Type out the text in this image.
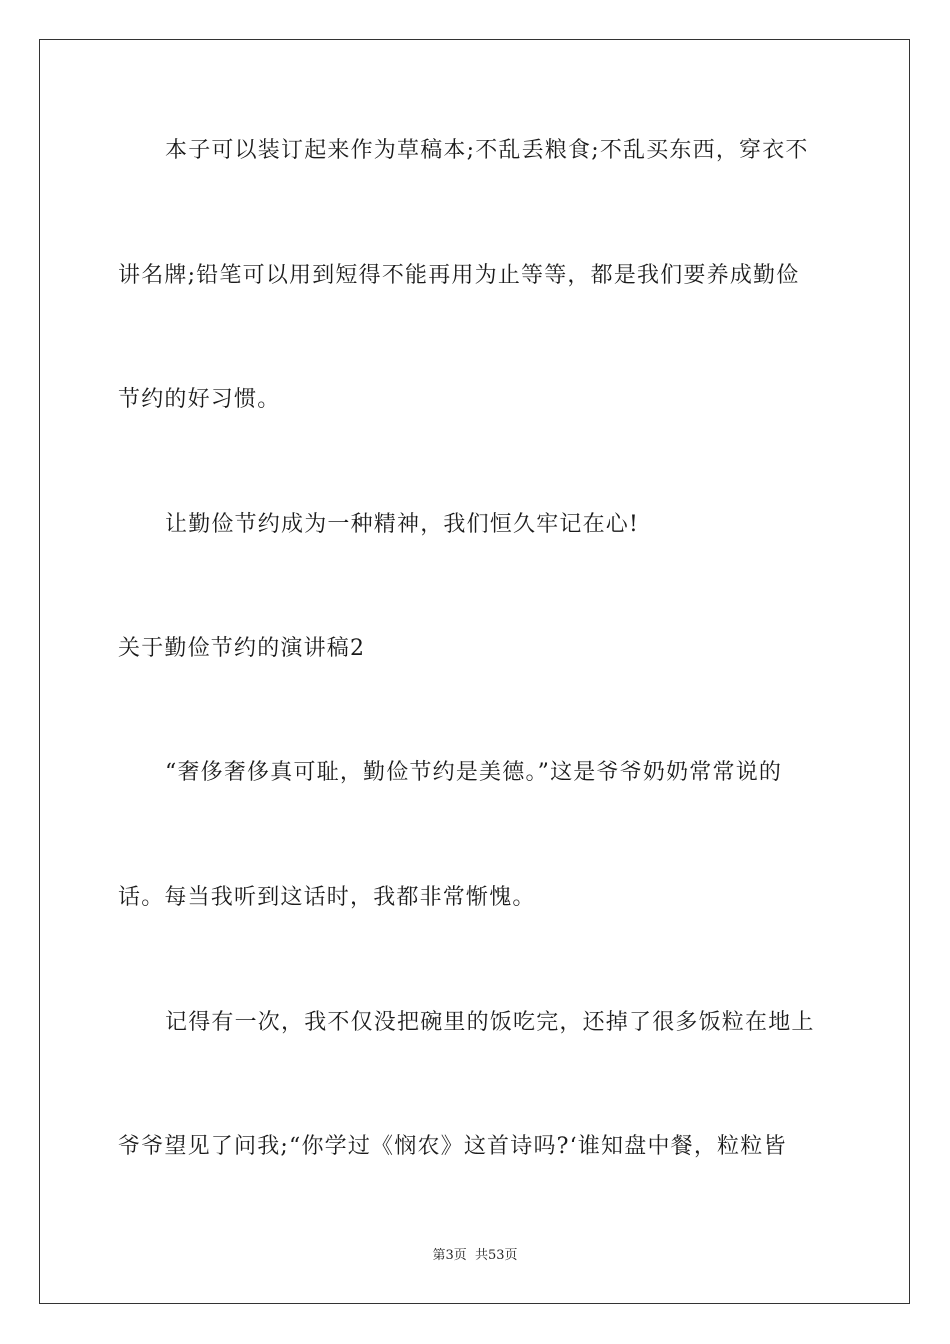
本子可以装订起来作为草稿本;不乱丢粮食;不乱买东西，穿衣不
讲名牌;铅笔可以用到短得不能再用为止等等，都是我们要养成勤俭
节约的好习惯。
让勤俭节约成为一种精神，我们恒久牢记在心!
关于勤俭节约的演讲稿2
“奢侈奢侈真可耻，勤俭节约是美德。”这是爷爷奶奶常常说的
话。每当我听到这话时，我都非常惭愧。
记得有一次，我不仅没把碗里的饭吃完，还掉了很多饭粒在地上
爷爷望见了问我;“你学过《悯农》这首诗吗?‘谁知盘中餐，粒粒皆
第3页 共53页
